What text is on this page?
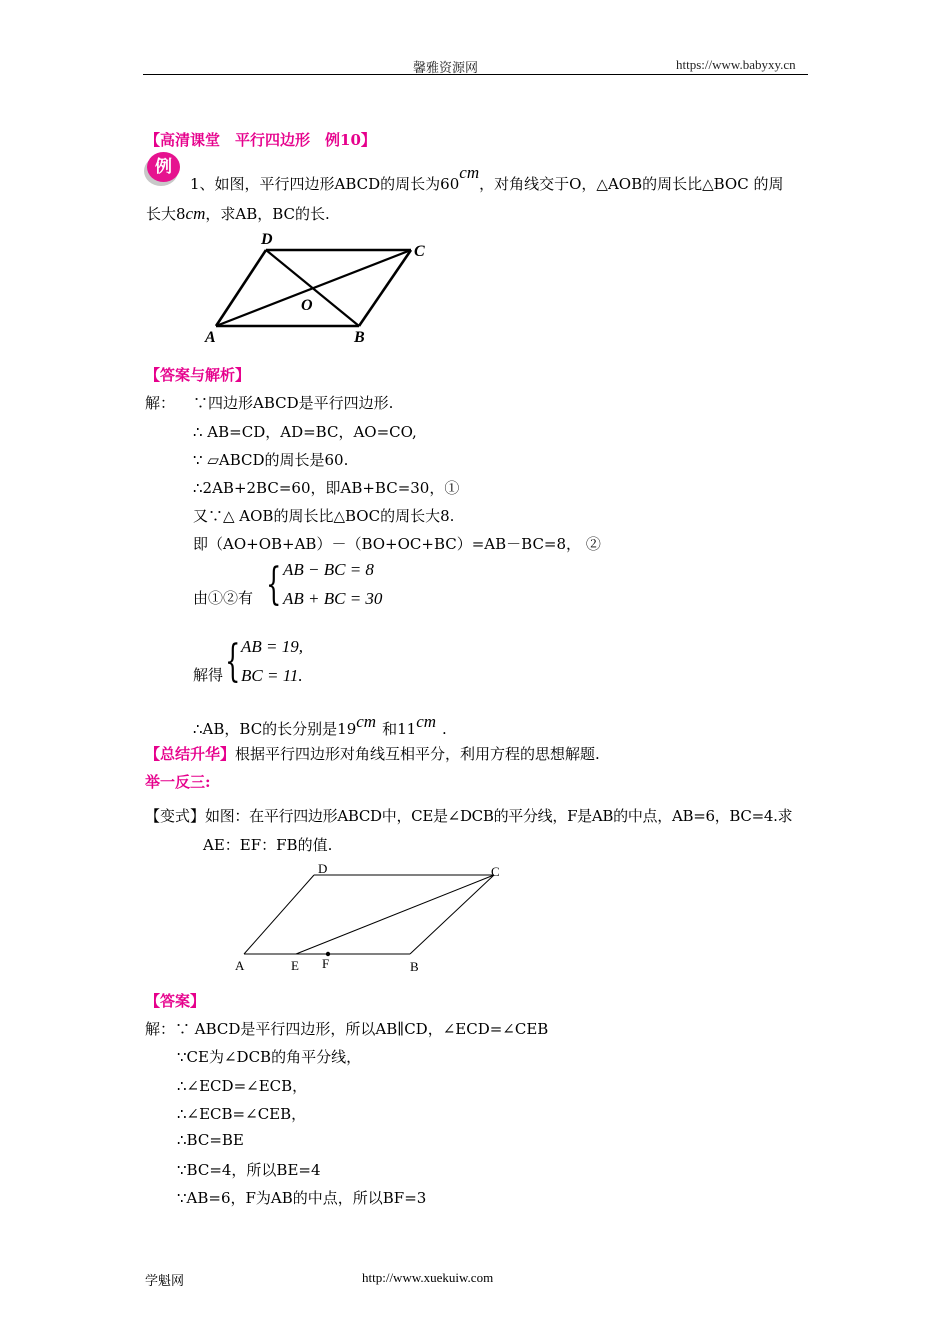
馨雅资源网	https://www.babyxy.cn
【高清课堂　平行四边形　例10】
例
1、如图，平行四边形ABCD的周长为60cm，对角线交于O，△AOB的周长比△BOC 的周
长大8cm，求AB，BC的长.
D
C
O
A	B
【答案与解析】
解： ∵四边形ABCD是平行四边形.
∴ AB=CD，AD=BC，AO=CO,
∵ ▱ABCD的周长是60.
∴2AB+2BC=60，即AB+BC=30，①
又∵△ AOB的周长比△BOC的周长大8.
即（AO+OB+AB）－（BO+OC+BC）=AB－BC=8， ②
由①②有 { AB − BC = 8
AB + BC = 30
解得 { AB = 19,
BC = 11.
∴AB，BC的长分别是19cm 和11cm .
【总结升华】根据平行四边形对角线互相平分，利用方程的思想解题.
举一反三:
【变式】如图：在平行四边形ABCD中，CE是∠DCB的平分线，F是AB的中点，AB=6，BC=4.求
AE：EF：FB的值.
D	C
A	E F	B
【答案】
解：∵ ABCD是平行四边形，所以AB∥CD，∠ECD=∠CEB
∵CE为∠DCB的角平分线，
∴∠ECD=∠ECB，
∴∠ECB=∠CEB，
∴BC=BE
∵BC=4，所以BE=4
∵AB=6，F为AB的中点，所以BF=3
学魁网	http://www.xuekuiw.com
